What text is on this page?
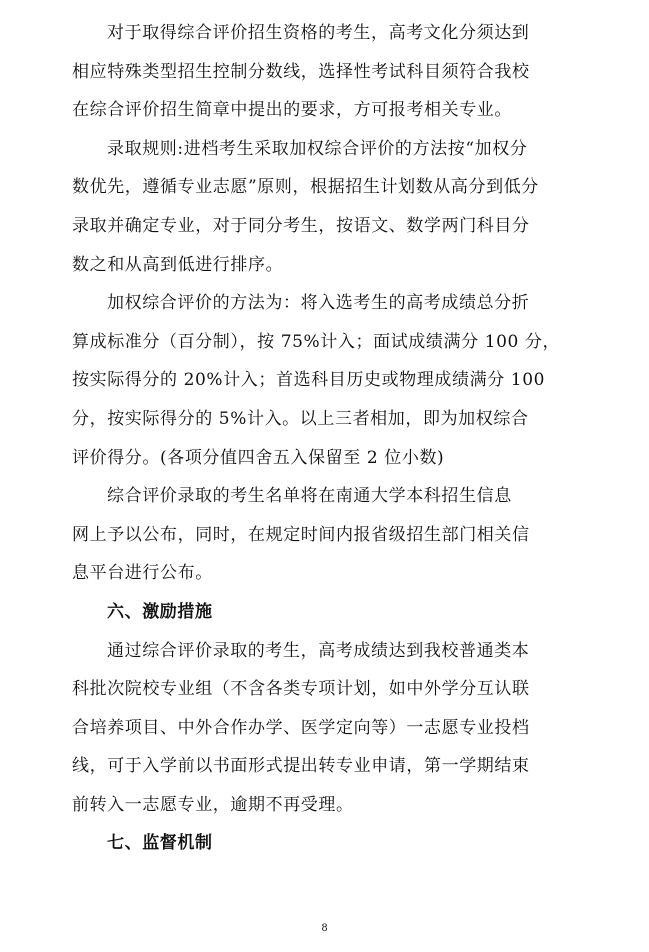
对于取得综合评价招生资格的考生，高考文化分须达到
相应特殊类型招生控制分数线，选择性考试科目须符合我校
在综合评价招生简章中提出的要求，方可报考相关专业。

录取规则:进档考生采取加权综合评价的方法按“加权分
数优先，遵循专业志愿”原则，根据招生计划数从高分到低分
录取并确定专业，对于同分考生，按语文、数学两门科目分
数之和从高到低进行排序。

加权综合评价的方法为：将入选考生的高考成绩总分折
算成标准分（百分制），按 75%计入；面试成绩满分 100 分，
按实际得分的 20%计入；首选科目历史或物理成绩满分 100
分，按实际得分的 5%计入。以上三者相加，即为加权综合
评价得分。(各项分值四舍五入保留至 2 位小数)

综合评价录取的考生名单将在南通大学本科招生信息
网上予以公布，同时，在规定时间内报省级招生部门相关信
息平台进行公布。

六、激励措施

通过综合评价录取的考生，高考成绩达到我校普通类本
科批次院校专业组（不含各类专项计划，如中外学分互认联
合培养项目、中外合作办学、医学定向等）一志愿专业投档
线，可于入学前以书面形式提出转专业申请，第一学期结束
前转入一志愿专业，逾期不再受理。

七、监督机制
8
